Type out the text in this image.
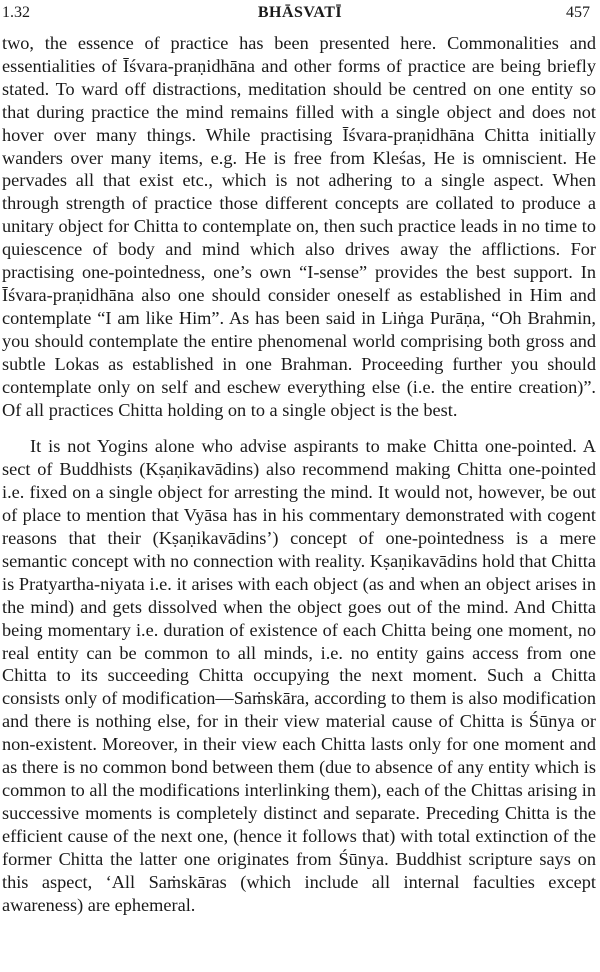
1.32	BHĀSVATĪ	457

two, the essence of practice has been presented here. Commonalities and essentialities of Īśvara-praṇidhāna and other forms of practice are being briefly stated. To ward off distractions, meditation should be centred on one entity so that during practice the mind remains filled with a single object and does not hover over many things. While practising Īśvara-praṇidhāna Chitta initially wanders over many items, e.g. He is free from Kleśas, He is omniscient. He pervades all that exist etc., which is not adhering to a single aspect. When through strength of practice those different concepts are collated to produce a unitary object for Chitta to contemplate on, then such practice leads in no time to quiescence of body and mind which also drives away the afflictions. For practising one-pointedness, one’s own “I-sense” provides the best support. In Īśvara-praṇidhāna also one should consider oneself as established in Him and contemplate “I am like Him”. As has been said in Liṅga Purāṇa, “Oh Brahmin, you should contemplate the entire phenomenal world comprising both gross and subtle Lokas as established in one Brahman. Proceeding further you should contemplate only on self and eschew everything else (i.e. the entire creation)”. Of all practices Chitta holding on to a single object is the best.

It is not Yogins alone who advise aspirants to make Chitta one-pointed. A sect of Buddhists (Kṣaṇikavādins) also recommend making Chitta one-pointed i.e. fixed on a single object for arresting the mind. It would not, however, be out of place to mention that Vyāsa has in his commentary demonstrated with cogent reasons that their (Kṣaṇikavādins’) concept of one-pointedness is a mere semantic concept with no connection with reality. Kṣaṇikavādins hold that Chitta is Pratyartha-niyata i.e. it arises with each object (as and when an object arises in the mind) and gets dissolved when the object goes out of the mind. And Chitta being momentary i.e. duration of existence of each Chitta being one moment, no real entity can be common to all minds, i.e. no entity gains access from one Chitta to its succeeding Chitta occupying the next moment. Such a Chitta consists only of modification—Saṁskāra, according to them is also modification and there is nothing else, for in their view material cause of Chitta is Śūnya or non-existent. Moreover, in their view each Chitta lasts only for one moment and as there is no common bond between them (due to absence of any entity which is common to all the modifications interlinking them), each of the Chittas arising in successive moments is completely distinct and separate. Preceding Chitta is the efficient cause of the next one, (hence it follows that) with total extinction of the former Chitta the latter one originates from Śūnya. Buddhist scripture says on this aspect, ‘All Saṁskāras (which include all internal faculties except awareness) are ephemeral.
